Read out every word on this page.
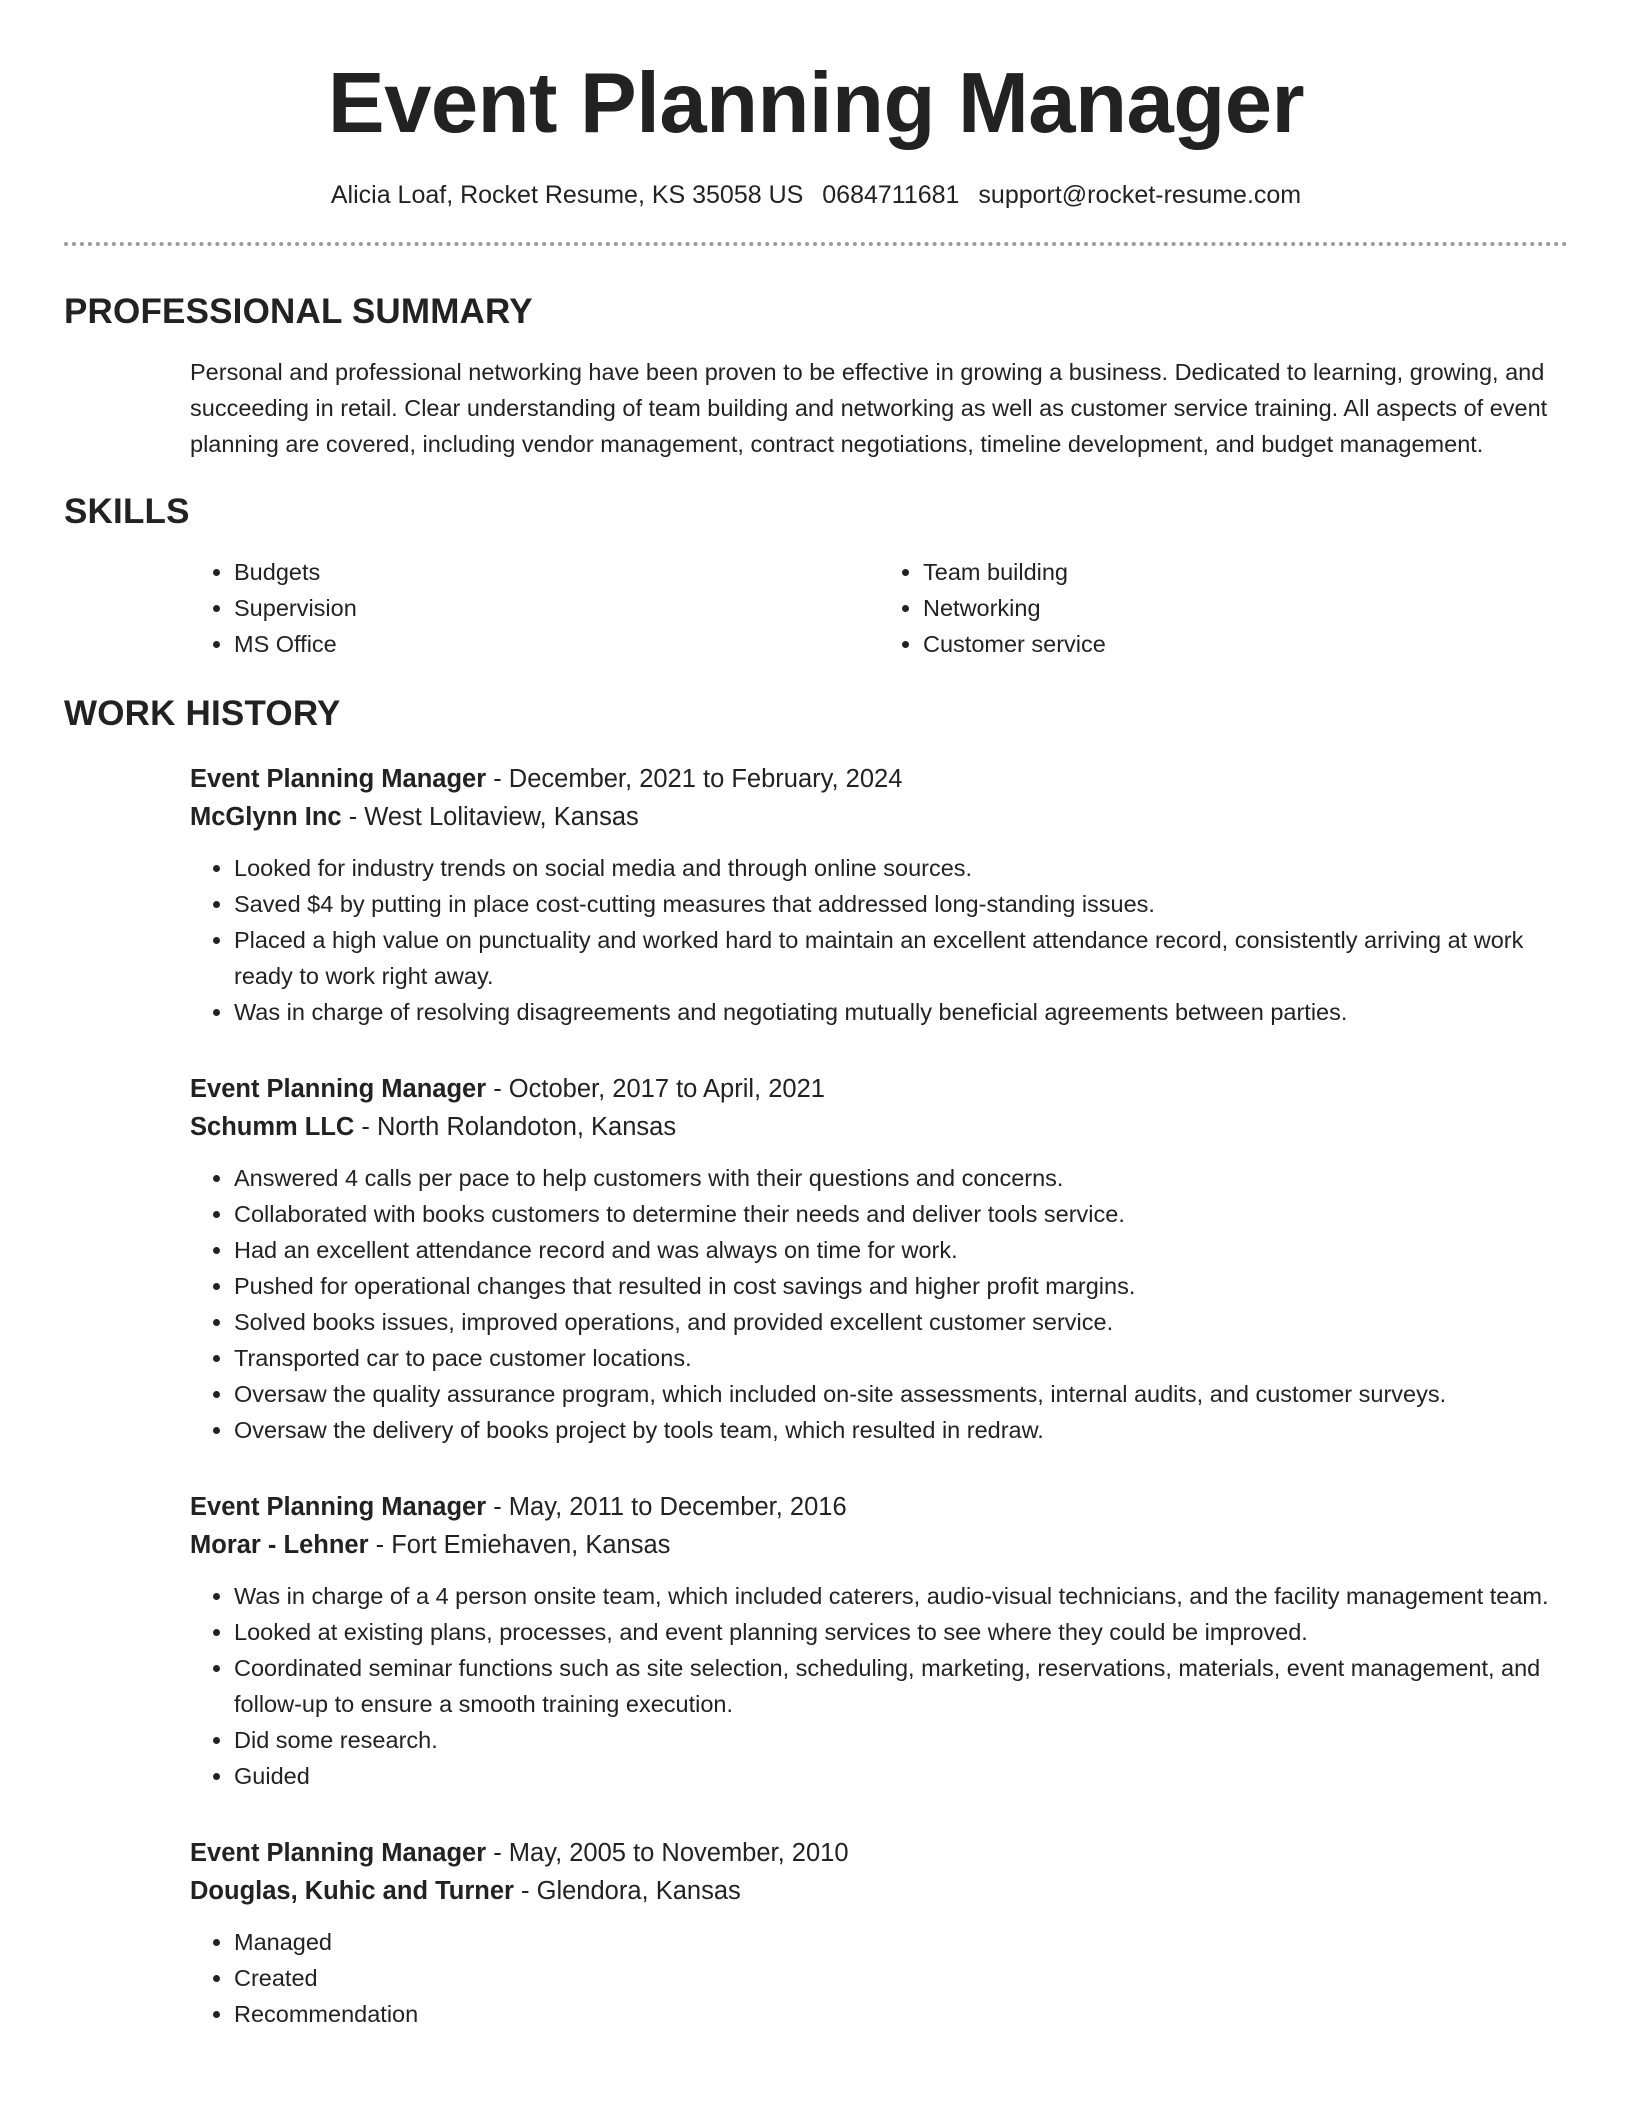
Event Planning Manager
Alicia Loaf, Rocket Resume, KS 35058 US 0684711681 support@rocket-resume.com
PROFESSIONAL SUMMARY

Personal and professional networking have been proven to be effective in growing a business. Dedicated to learning, growing, and succeeding in retail. Clear understanding of team building and networking as well as customer service training. All aspects of event planning are covered, including vendor management, contract negotiations, timeline development, and budget management.

SKILLS
• Budgets
• Supervision
• MS Office
• Team building
• Networking
• Customer service
WORK HISTORY
Event Planning Manager - December, 2021 to February, 2024
McGlynn Inc - West Lolitaview, Kansas
• Looked for industry trends on social media and through online sources.
• Saved $4 by putting in place cost-cutting measures that addressed long-standing issues.
• Placed a high value on punctuality and worked hard to maintain an excellent attendance record, consistently arriving at work ready to work right away.
• Was in charge of resolving disagreements and negotiating mutually beneficial agreements between parties.
Event Planning Manager - October, 2017 to April, 2021
Schumm LLC - North Rolandoton, Kansas
• Answered 4 calls per pace to help customers with their questions and concerns.
• Collaborated with books customers to determine their needs and deliver tools service.
• Had an excellent attendance record and was always on time for work.
• Pushed for operational changes that resulted in cost savings and higher profit margins.
• Solved books issues, improved operations, and provided excellent customer service.
• Transported car to pace customer locations.
• Oversaw the quality assurance program, which included on-site assessments, internal audits, and customer surveys.
• Oversaw the delivery of books project by tools team, which resulted in redraw.
Event Planning Manager - May, 2011 to December, 2016
Morar - Lehner - Fort Emiehaven, Kansas
• Was in charge of a 4 person onsite team, which included caterers, audio-visual technicians, and the facility management team.
• Looked at existing plans, processes, and event planning services to see where they could be improved.
• Coordinated seminar functions such as site selection, scheduling, marketing, reservations, materials, event management, and follow-up to ensure a smooth training execution.
• Did some research.
• Guided
Event Planning Manager - May, 2005 to November, 2010
Douglas, Kuhic and Turner - Glendora, Kansas
• Managed
• Created
• Recommendation
